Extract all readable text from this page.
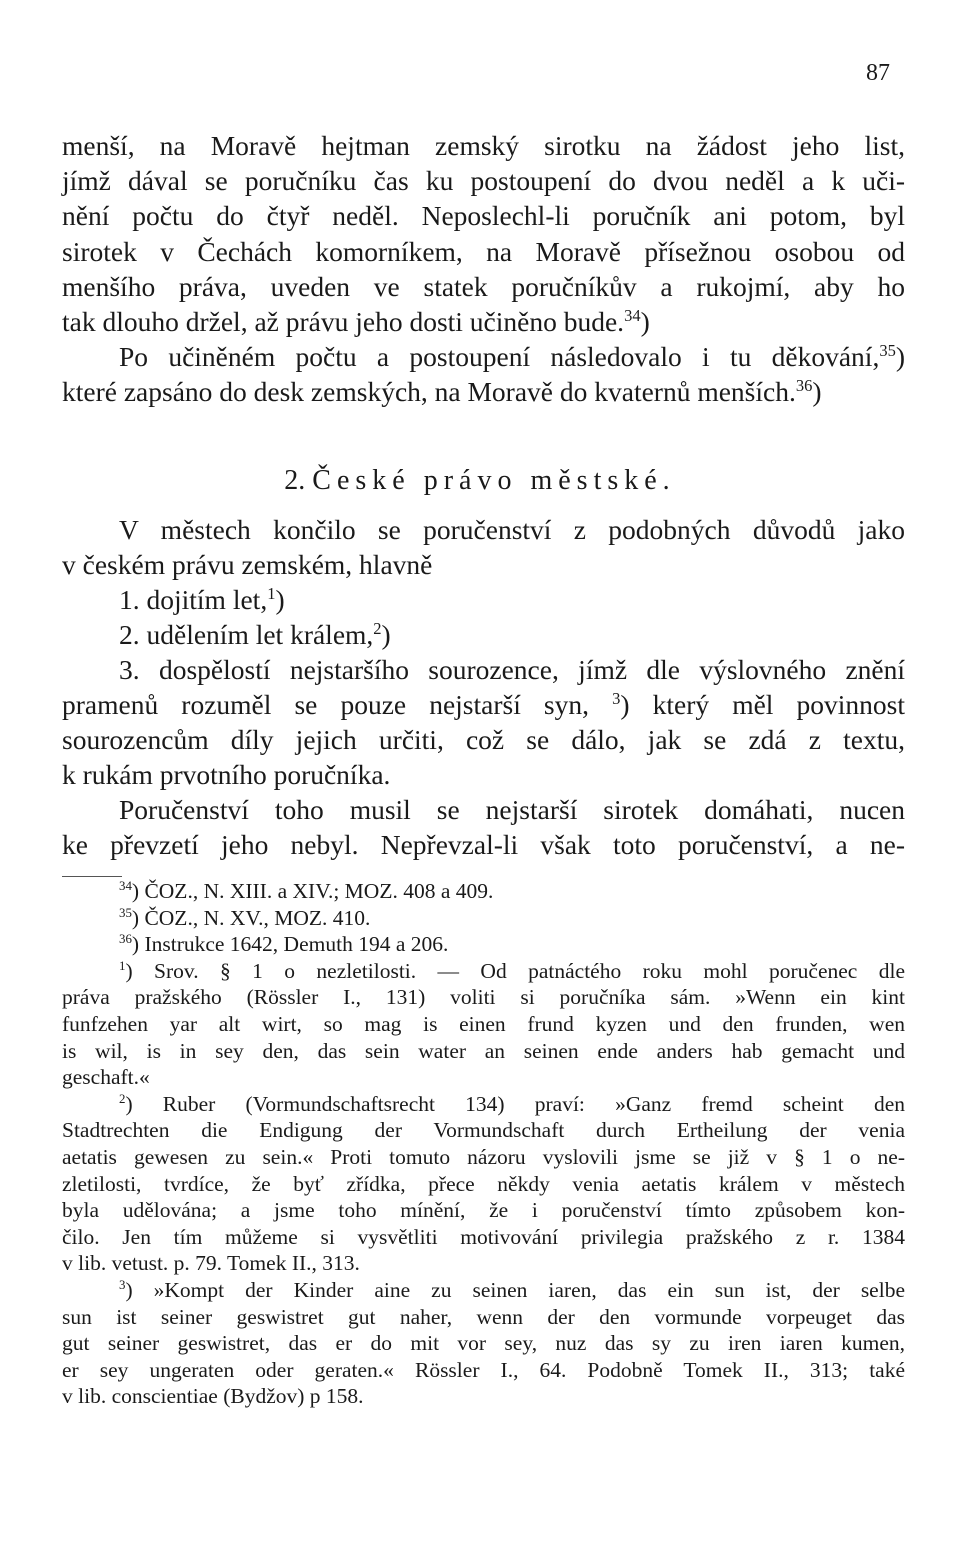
87
menší, na Moravě hejtman zemský sirotku na žádost jeho list,
jímž dával se poručníku čas ku postoupení do dvou neděl a k uči-
nění počtu do čtyř neděl. Neposlechl-li poručník ani potom, byl
sirotek v Čechách komorníkem, na Moravě přísežnou osobou od
menšího práva, uveden ve statek poručníkův a rukojmí, aby ho
tak dlouho držel, až právu jeho dosti učiněno bude.$^{34}$)
Po učiněném počtu a postoupení následovalo i tu děkování,$^{35}$)
které zapsáno do desk zemských, na Moravě do kvaternů menších.$^{36}$)
2. České právo městské.
V městech končilo se poručenství z podobných důvodů jako
v českém právu zemském, hlavně
1. dojitím let,$^1$)
2. udělením let králem,$^2$)
3. dospělostí nejstaršího sourozence, jímž dle výslovného znění
pramenů rozuměl se pouze nejstarší syn, $^3$) který měl povinnost
sourozencům díly jejich určiti, což se dálo, jak se zdá z textu,
k rukám prvotního poručníka.
Poručenství toho musil se nejstarší sirotek domáhati, nucen
ke převzetí jeho nebyl. Nepřevzal-li však toto poručenství, a ne-
$^{34}$) ČOZ., N. XIII. a XIV.; MOZ. 408 a 409.
$^{35}$) ČOZ., N. XV., MOZ. 410.
$^{36}$) Instrukce 1642, Demuth 194 a 206.
$^1$) Srov. § 1 o nezletilosti. — Od patnáctého roku mohl poručenec dle
práva pražského (Rössler I., 131) voliti si poručníka sám. »Wenn ein kint
funfzehen yar alt wirt, so mag is einen frund kyzen und den frunden, wen
is wil, is in sey den, das sein water an seinen ende anders hab gemacht und
geschaft.«
$^2$) Ruber (Vormundschaftsrecht 134) praví: »Ganz fremd scheint den
Stadtrechten die Endigung der Vormundschaft durch Ertheilung der venia
aetatis gewesen zu sein.« Proti tomuto názoru vyslovili jsme se již v § 1 o ne-
zletilosti, tvrdíce, že byť zřídka, přece někdy venia aetatis králem v městech
byla udělována; a jsme toho mínění, že i poručenství tímto způsobem kon-
čilo. Jen tím můžeme si vysvětliti motivování privilegia pražského z r. 1384
v lib. vetust. p. 79. Tomek II., 313.
$^3$) »Kompt der Kinder aine zu seinen iaren, das ein sun ist, der selbe
sun ist seiner geswistret gut naher, wenn der den vormunde vorpeuget das
gut seiner geswistret, das er do mit vor sey, nuz das sy zu iren iaren kumen,
er sey ungeraten oder geraten.« Rössler I., 64. Podobně Tomek II., 313; také
v lib. conscientiae (Bydžov) p 158.
